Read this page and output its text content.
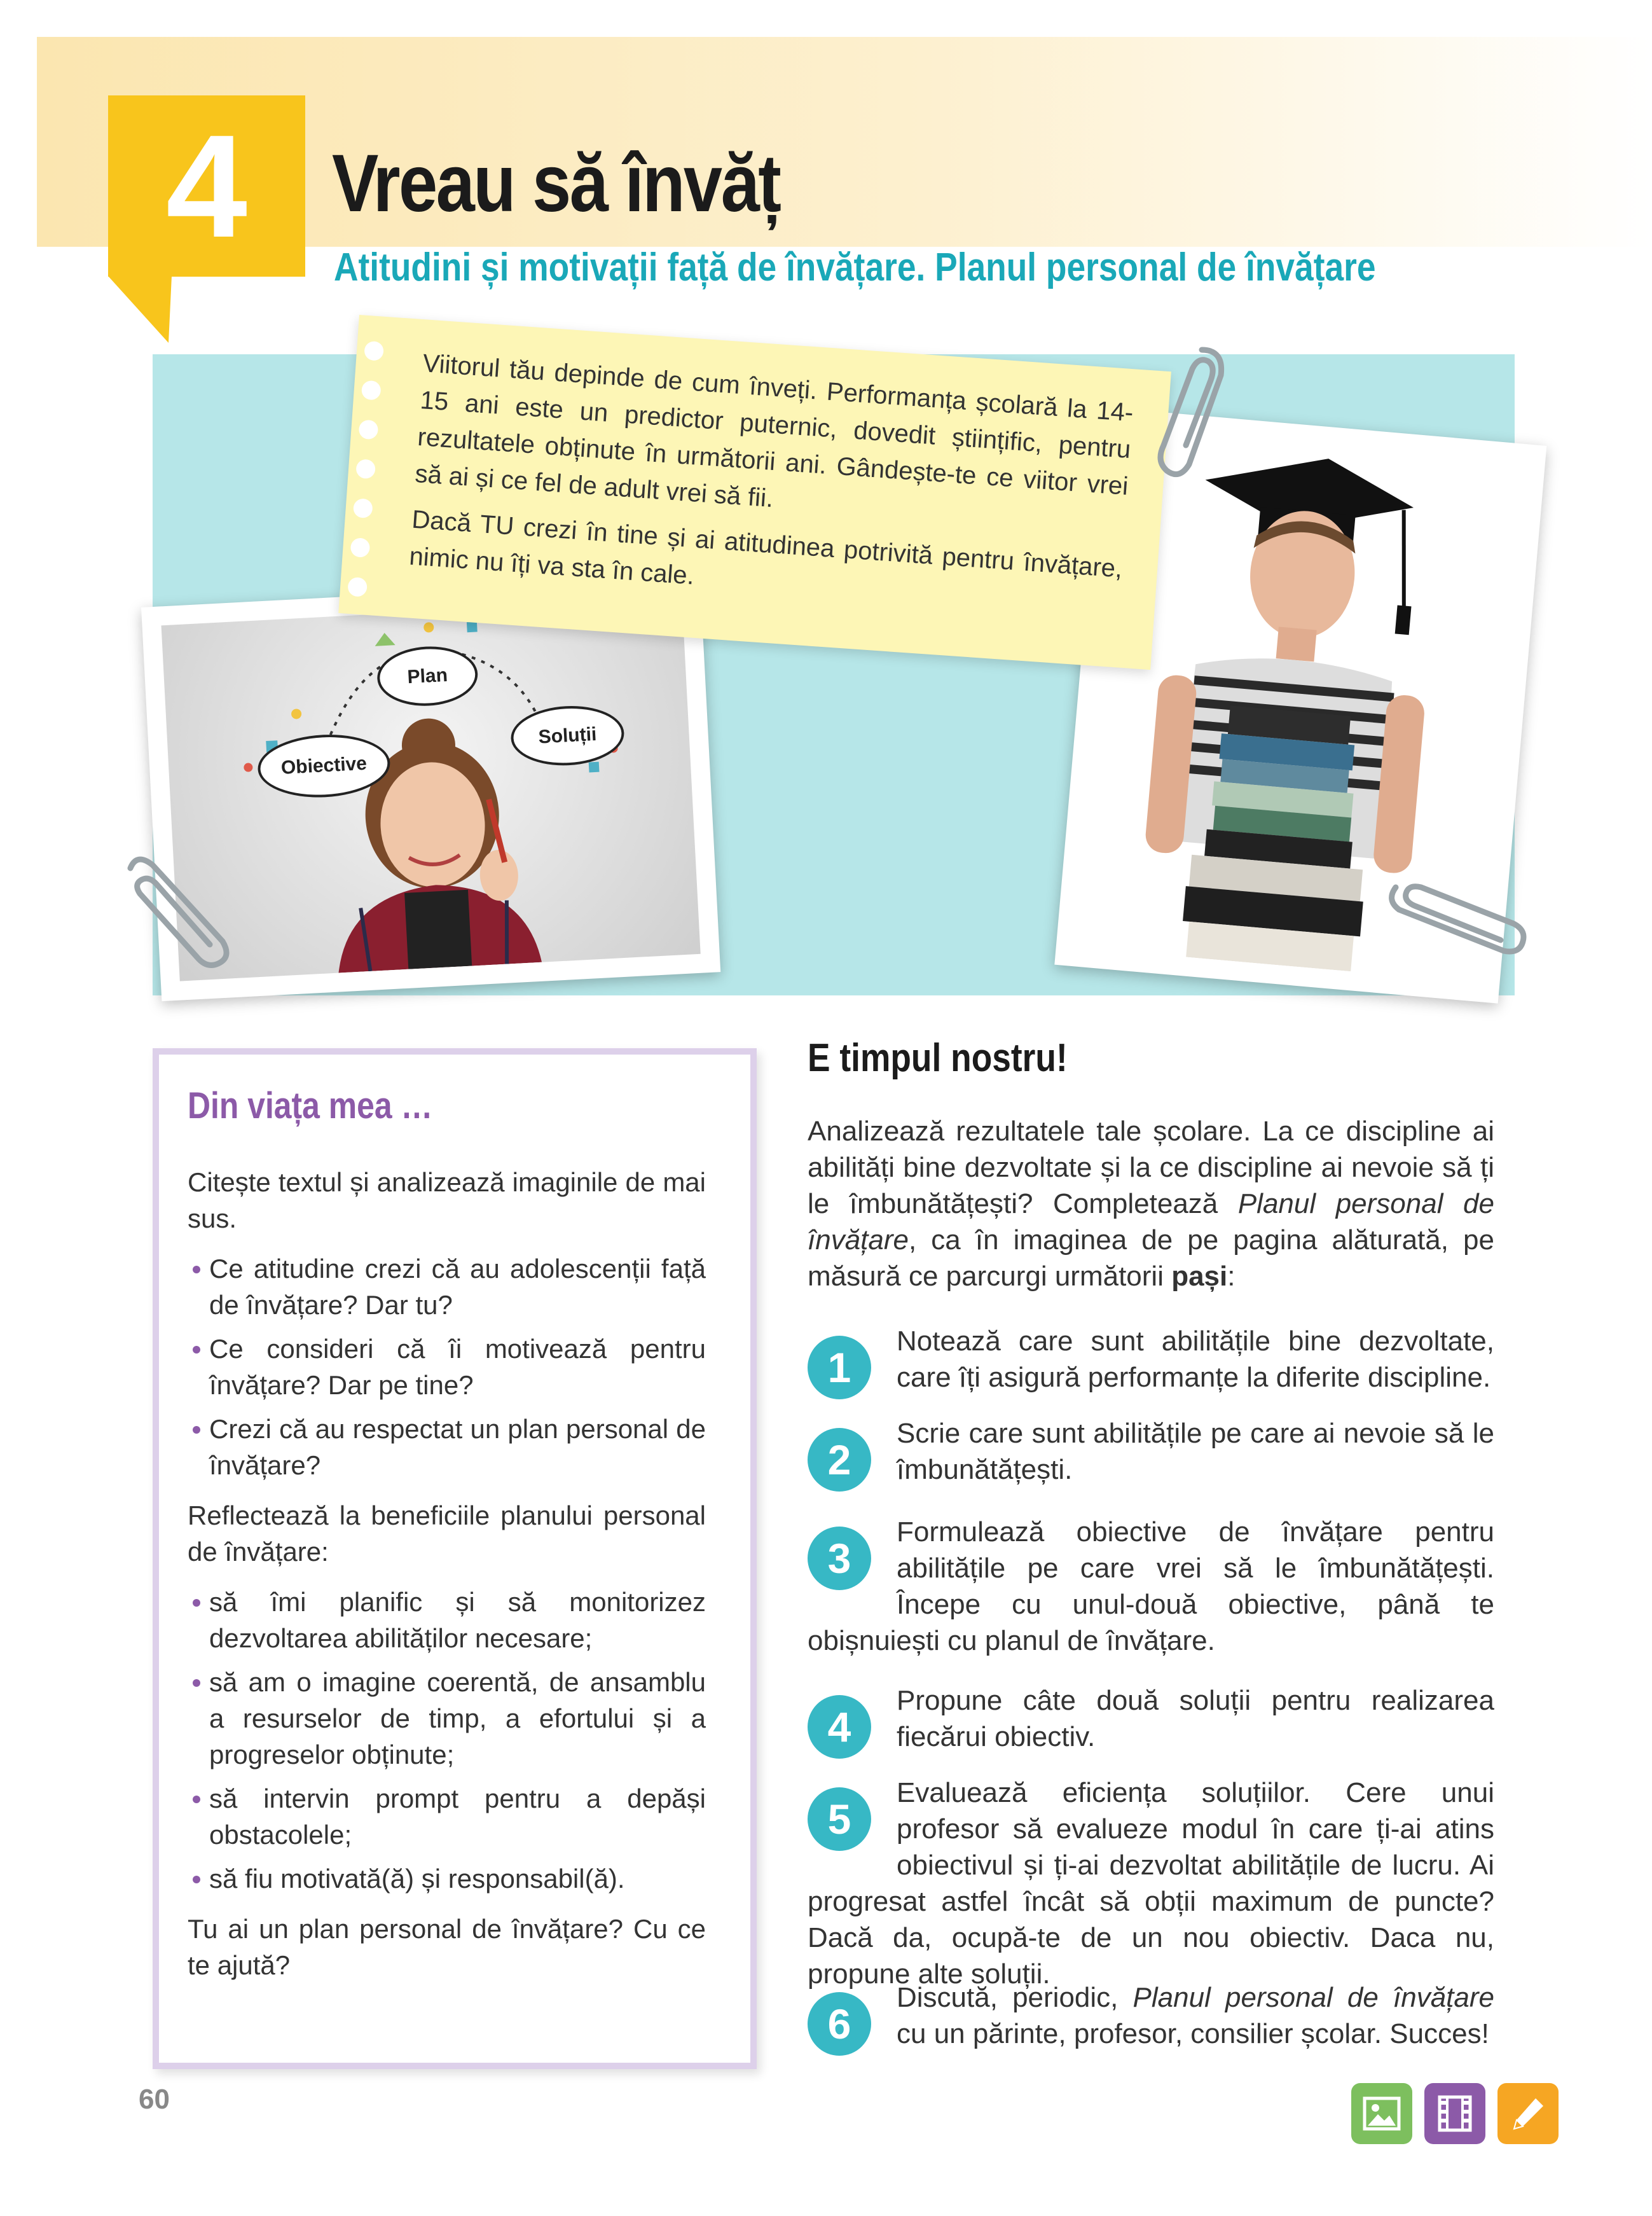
4	Vreau să învăț
Atitudini și motivații față de învățare. Planul personal de învățare
Plan
Obiective
Soluții

Viitorul tău depinde de cum înveți. Performanța școlară la 14-15 ani este un predictor puternic, dovedit științific, pentru rezultatele obținute în următorii ani. Gândește-te ce viitor vrei să ai și ce fel de adult vrei să fii.

Dacă TU crezi în tine și ai atitudinea potrivită pentru învățare, nimic nu îți va sta în cale.

Din viața mea …

Citește textul și analizează imaginile de mai sus.

Ce atitudine crezi că au adolescenții față de învățare? Dar tu?
Ce consideri că îi motivează pentru învățare? Dar pe tine?
Crezi că au respectat un plan personal de învățare?

Reflectează la beneficiile planului personal de învățare:

să îmi planific și să monitorizez dezvoltarea abilităților necesare;
să am o imagine coerentă, de ansamblu a resurselor de timp, a efortului și a progreselor obținute;
să intervin prompt pentru a depăși obstacolele;
să fiu motivată(ă) și responsabil(ă).

Tu ai un plan personal de învățare? Cu ce te ajută?

E timpul nostru!
Analizează rezultatele tale școlare. La ce discipline ai abilități bine dezvoltate și la ce discipline ai nevoie să ți le îmbunătățești? Completează Planul personal de învățare, ca în imaginea de pe pagina alăturată, pe măsură ce parcurgi următorii pași:
1
Notează care sunt abilitățile bine dezvoltate, care îți asigură performanțe la diferite discipline.
2
Scrie care sunt abilitățile pe care ai nevoie să le îmbunătățești.
3
Formulează obiective de învățare pentru abilitățile pe care vrei să le îmbunătățești. Începe cu unul-două obiective, până te obișnuiești cu planul de învățare.
4
Propune câte două soluții pentru realizarea fiecărui obiectiv.
5
Evaluează eficiența soluțiilor. Cere unui profesor să evalueze modul în care ți-ai atins obiectivul și ți-ai dezvoltat abilitățile de lucru. Ai progresat astfel încât să obții maximum de puncte? Dacă da, ocupă-te de un nou obiectiv. Daca nu, propune alte soluții.
6
Discută, periodic, Planul personal de învățare cu un părinte, profesor, consilier școlar. Succes!
60
